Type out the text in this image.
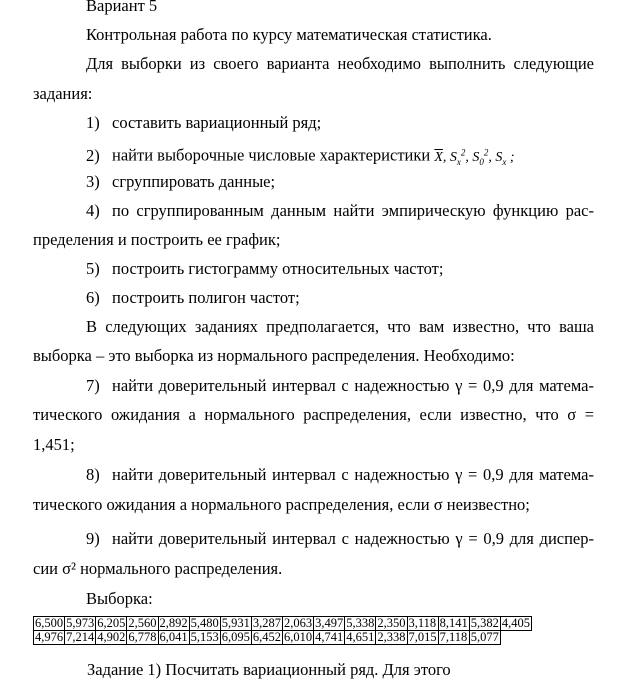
Вариант 5
Контрольная работа по курсу математическая статистика.
Для выборки из своего варианта необходимо выполнить следующие
задания:
1) составить вариационный ряд;
2) найти выборочные числовые характеристики $\overline{X}$, $S_x^2$, $S_0^2$, $S_x$ ;
3) сгруппировать данные;
4) по сгруппированным данным найти эмпирическую функцию рас-
пределения и построить ее график;
5) построить гистограмму относительных частот;
6) построить полигон частот;
В следующих заданиях предполагается, что вам известно, что ваша
выборка – это выборка из нормального распределения. Необходимо:
7) найти доверительный интервал с надежностью γ = 0,9 для матема-
тического ожидания a нормального распределения, если известно, что σ =
1,451;
8) найти доверительный интервал с надежностью γ = 0,9 для матема-
тического ожидания a нормального распределения, если σ неизвестно;
9) найти доверительный интервал с надежностью γ = 0,9 для диспер-
сии σ² нормального распределения.
Выборка:
6,500	5,973	6,205	2,560	2,892	5,480	5,931	3,287	2,063	3,497	5,338	2,350	3,118	8,141	5,382	4,405
4,976	7,214	4,902	6,778	6,041	5,153	6,095	6,452	6,010	4,741	4,651	2,338	7,015	7,118	5,077	
Задание 1) Посчитать вариационный ряд. Для этого
